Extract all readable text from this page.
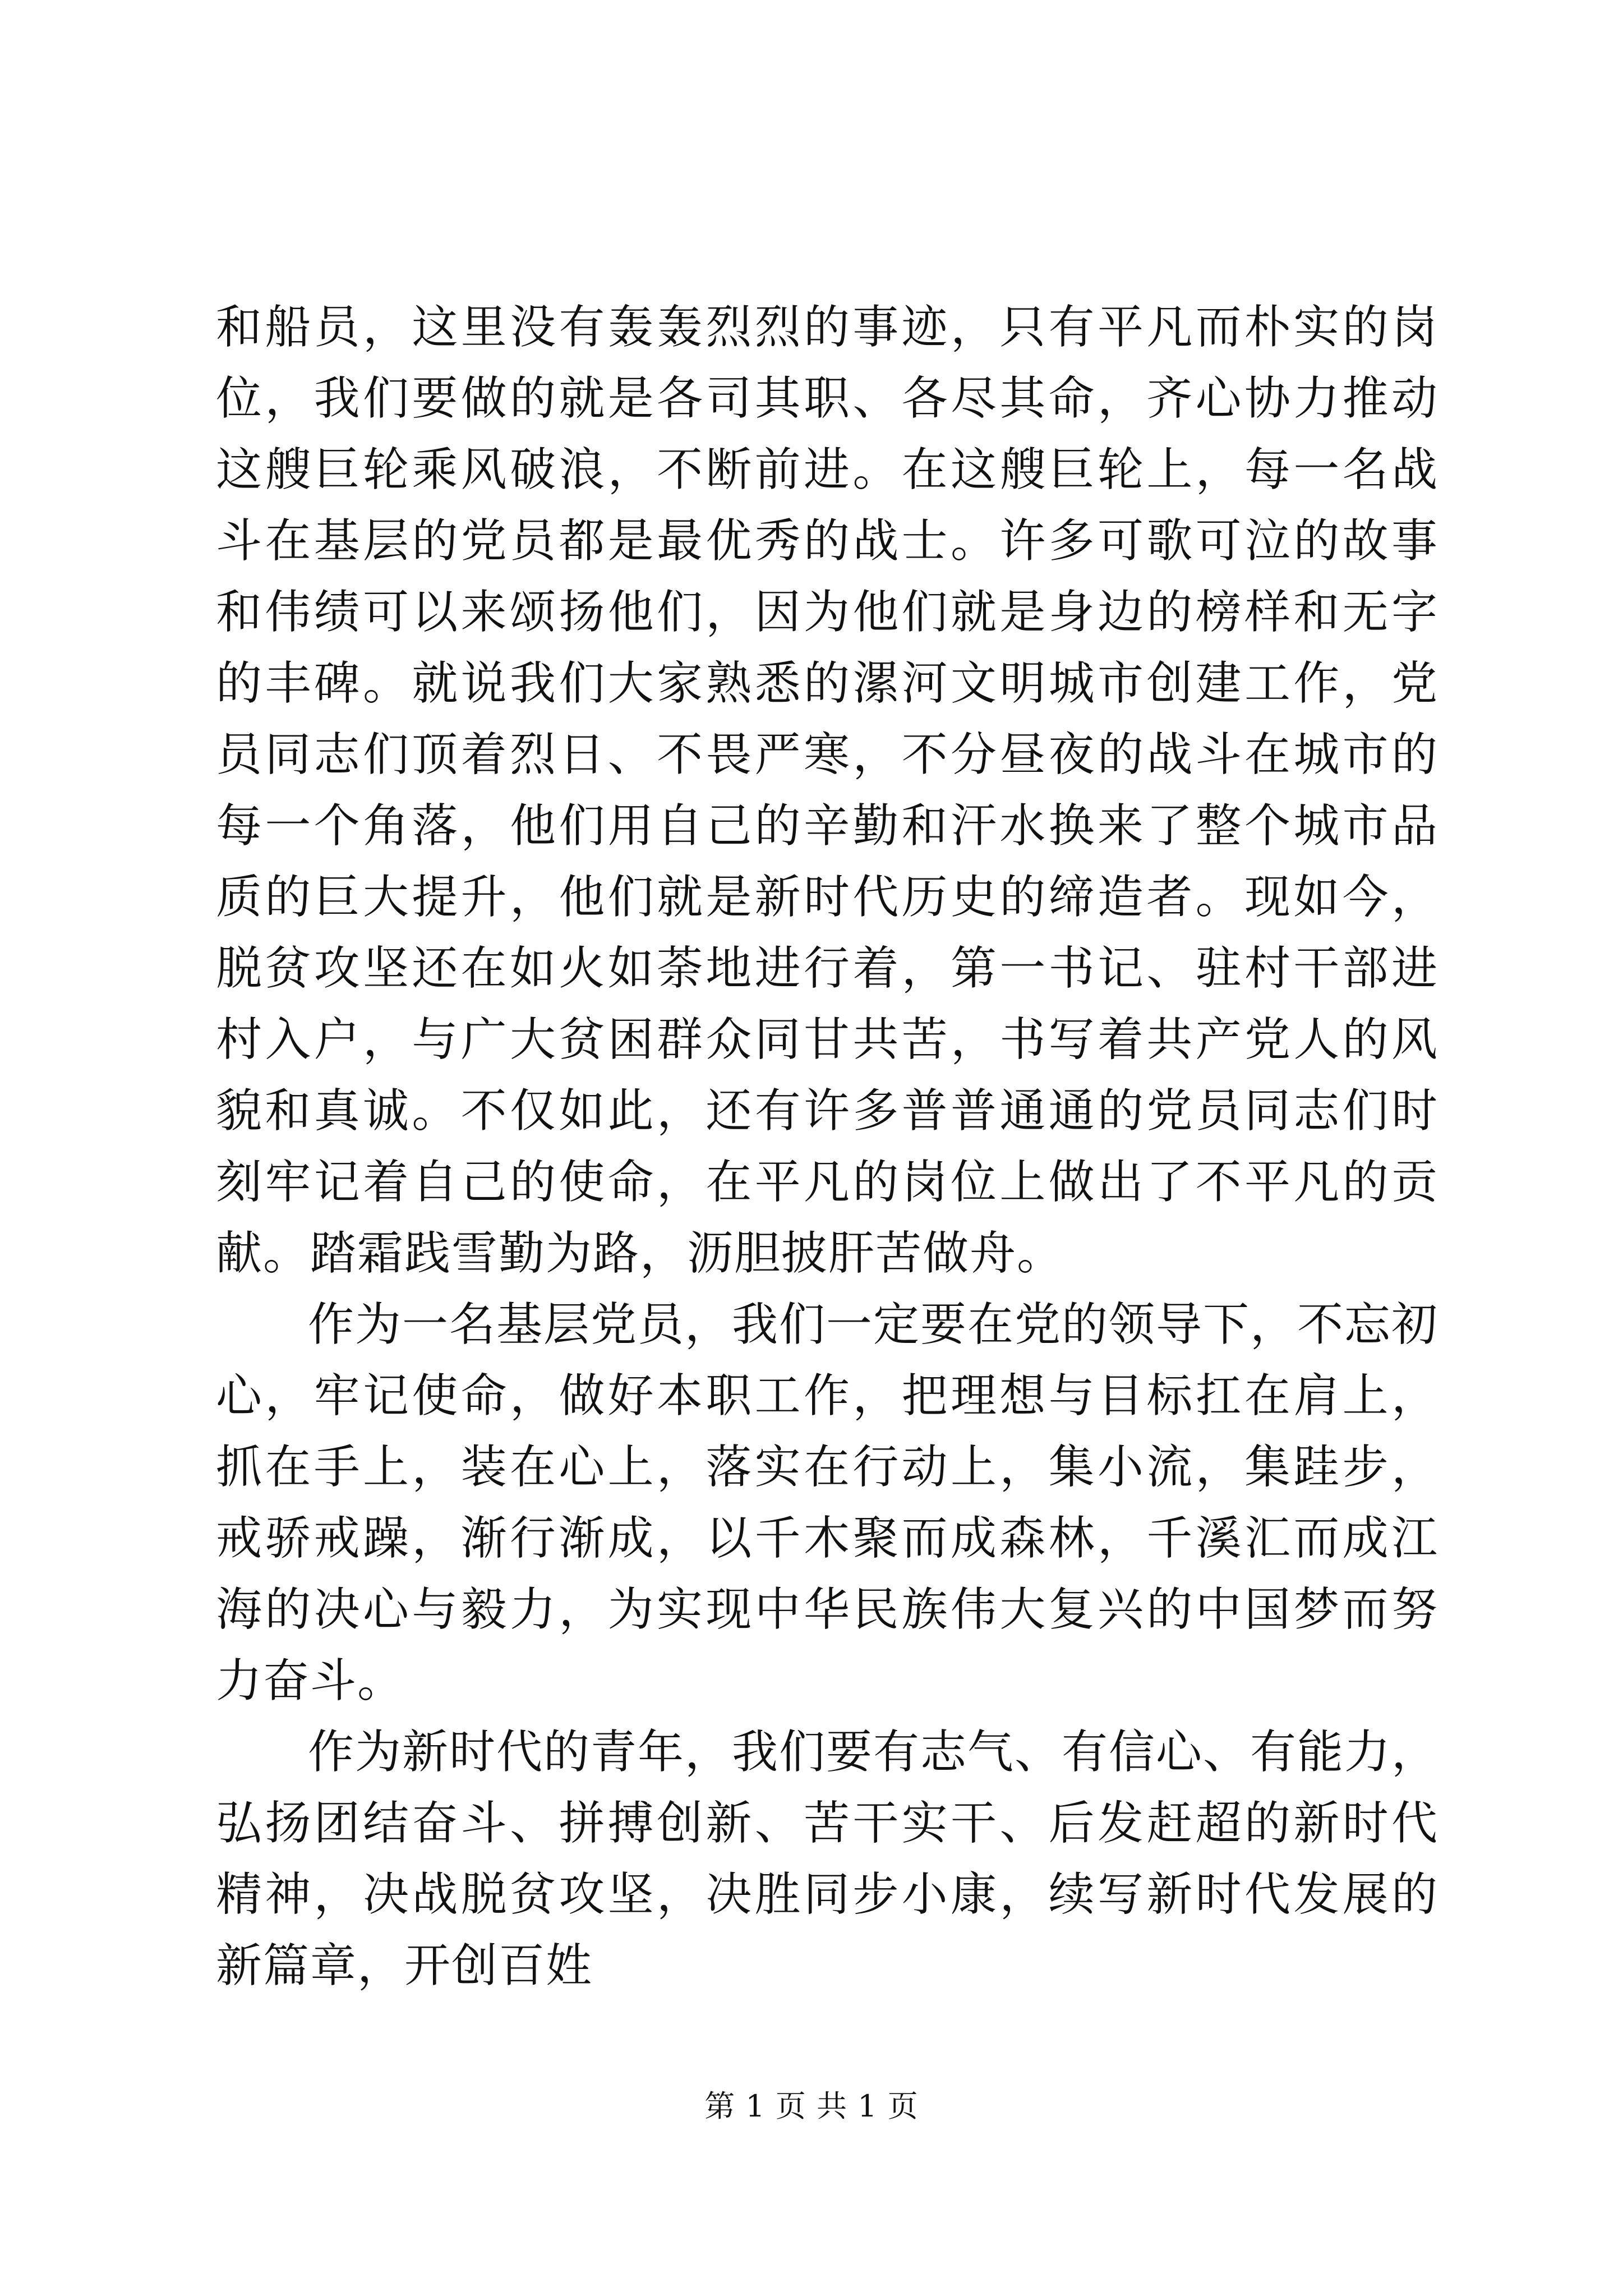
和船员，这里没有轰轰烈烈的事迹，只有平凡而朴实的岗位，我们要做的就是各司其职、各尽其命，齐心协力推动这艘巨轮乘风破浪，不断前进。在这艘巨轮上，每一名战斗在基层的党员都是最优秀的战士。许多可歌可泣的故事和伟绩可以来颂扬他们，因为他们就是身边的榜样和无字的丰碑。就说我们大家熟悉的漯河文明城市创建工作，党员同志们顶着烈日、不畏严寒，不分昼夜的战斗在城市的每一个角落，他们用自己的辛勤和汗水换来了整个城市品质的巨大提升，他们就是新时代历史的缔造者。现如今，脱贫攻坚还在如火如荼地进行着，第一书记、驻村干部进村入户，与广大贫困群众同甘共苦，书写着共产党人的风貌和真诚。不仅如此，还有许多普普通通的党员同志们时刻牢记着自己的使命，在平凡的岗位上做出了不平凡的贡献。踏霜践雪勤为路，沥胆披肝苦做舟。

作为一名基层党员，我们一定要在党的领导下，不忘初心，牢记使命，做好本职工作，把理想与目标扛在肩上，抓在手上，装在心上，落实在行动上，集小流，集跬步，戒骄戒躁，渐行渐成，以千木聚而成森林，千溪汇而成江海的决心与毅力，为实现中华民族伟大复兴的中国梦而努力奋斗。

作为新时代的青年，我们要有志气、有信心、有能力，弘扬团结奋斗、拼搏创新、苦干实干、后发赶超的新时代精神，决战脱贫攻坚，决胜同步小康，续写新时代发展的新篇章，开创百姓

第 1 页 共 1 页
